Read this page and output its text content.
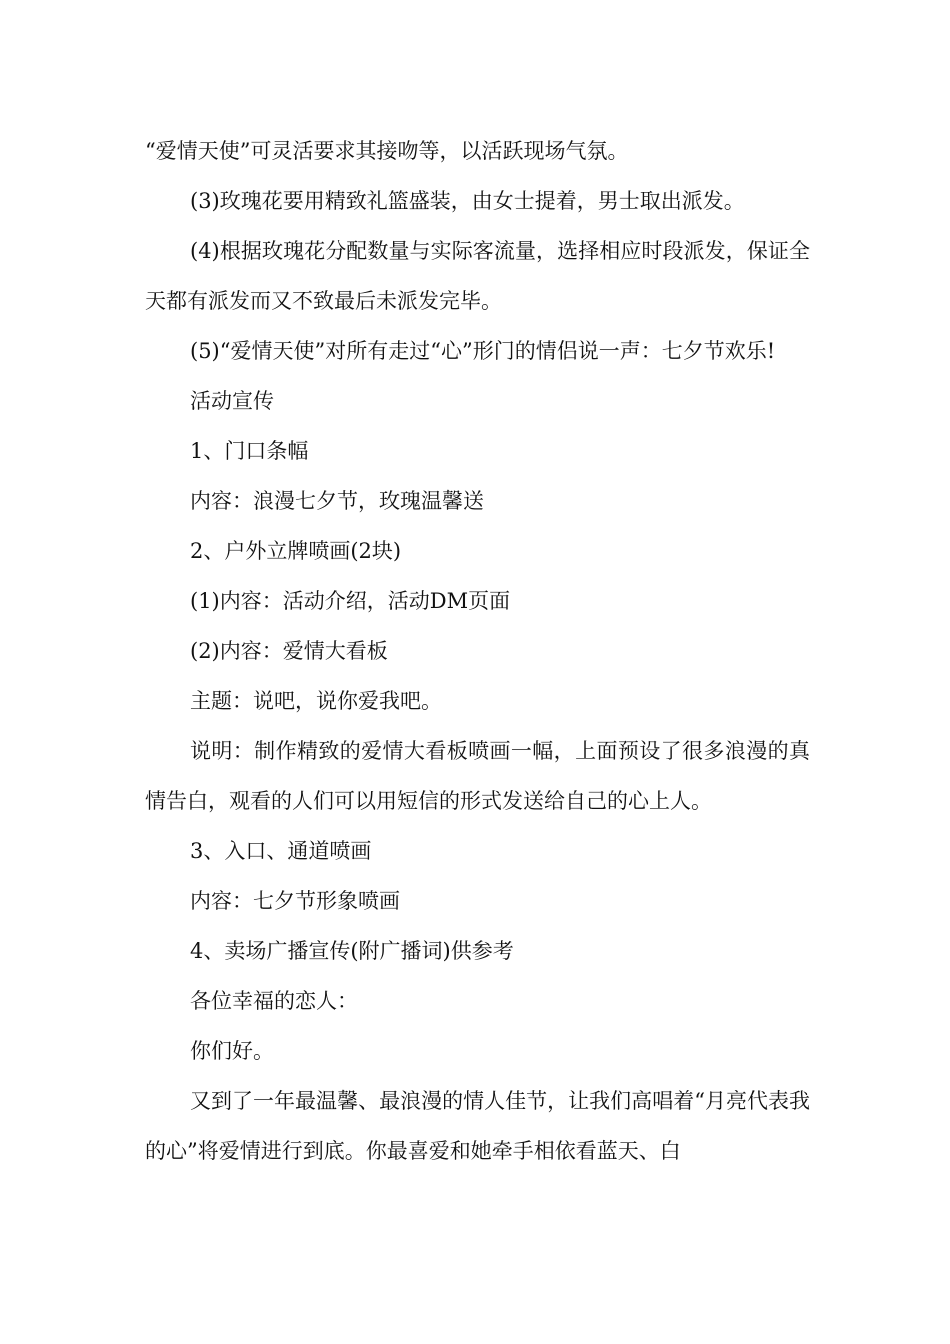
“爱情天使”可灵活要求其接吻等，以活跃现场气氛。

(3)玫瑰花要用精致礼篮盛装，由女士提着，男士取出派发。

(4)根据玫瑰花分配数量与实际客流量，选择相应时段派发，保证全天都有派发而又不致最后未派发完毕。

(5)“爱情天使”对所有走过“心”形门的情侣说一声：七夕节欢乐!

活动宣传

1、门口条幅

内容：浪漫七夕节，玫瑰温馨送

2、户外立牌喷画(2块)

(1)内容：活动介绍，活动DM页面

(2)内容：爱情大看板

主题：说吧，说你爱我吧。

说明：制作精致的爱情大看板喷画一幅，上面预设了很多浪漫的真情告白，观看的人们可以用短信的形式发送给自己的心上人。

3、入口、通道喷画

内容：七夕节形象喷画

4、卖场广播宣传(附广播词)供参考

各位幸福的恋人：

你们好。

又到了一年最温馨、最浪漫的情人佳节，让我们高唱着“月亮代表我的心”将爱情进行到底。你最喜爱和她牵手相依看蓝天、白
